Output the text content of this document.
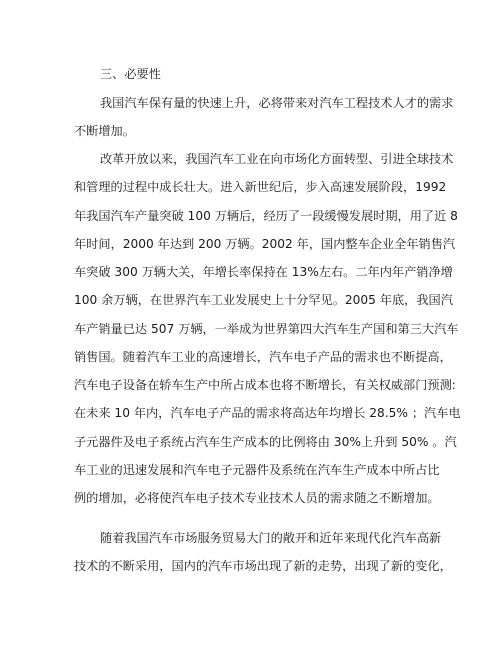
三、必要性
我国汽车保有量的快速上升，必将带来对汽车工程技术人才的需求
不断增加。
改革开放以来，我国汽车工业在向市场化方面转型、引进全球技术
和管理的过程中成长壮大。进入新世纪后，步入高速发展阶段，1992
年我国汽车产量突破 100 万辆后，经历了一段缓慢发展时期，用了近 8
年时间，2000 年达到 200 万辆。2002 年，国内整车企业全年销售汽
车突破 300 万辆大关，年增长率保持在 13%左右。二年内年产销净增
100 余万辆，在世界汽车工业发展史上十分罕见。2005 年底，我国汽
车产销量已达 507 万辆，一举成为世界第四大汽车生产国和第三大汽车
销售国。随着汽车工业的高速增长，汽车电子产品的需求也不断提高，
汽车电子设备在轿车生产中所占成本也将不断增长，有关权威部门预测:
在未来 10 年内，汽车电子产品的需求将高达年均增长 28.5% ；汽车电
子元器件及电子系统占汽车生产成本的比例将由 30%上升到 50% 。汽
车工业的迅速发展和汽车电子元器件及系统在汽车生产成本中所占比
例的增加，必将使汽车电子技术专业技术人员的需求随之不断增加。
随着我国汽车市场服务贸易大门的敞开和近年来现代化汽车高新
技术的不断采用，国内的汽车市场出现了新的走势，出现了新的变化，
